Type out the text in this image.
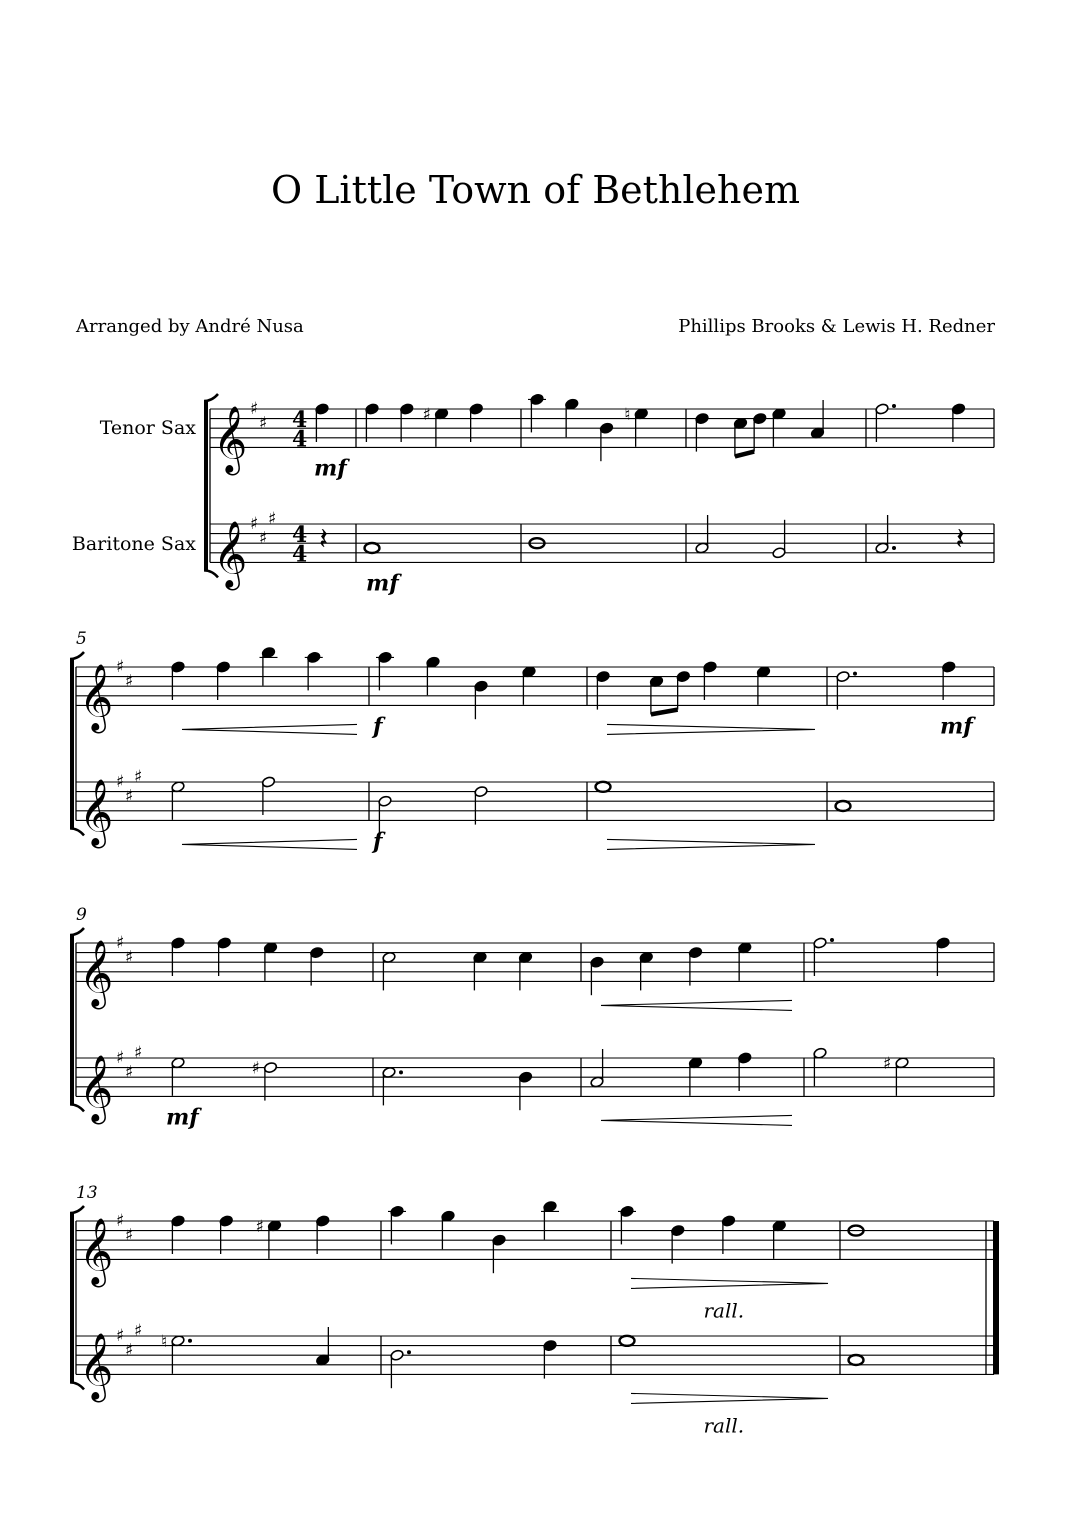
O Little Town of Bethlehem
Arranged by André Nusa	Phillips Brooks & Lewis H. Redner
𝄞 ♯
♯ 4
4
𝄞 ♯
♯
♯
4
4
Tenor Sax
Baritone Sax	𝄽
mf
mf
♯	♮
𝄽
𝄞 ♯
♯
𝄞 ♯
♯
♯
5
f
f
mf
𝄞 ♯
♯
𝄞 ♯
♯
♯
9
♯
mf
♯
𝄞 ♯
♯
𝄞 ♯
♯
♯
13
♯
♮
rall.
rall.
